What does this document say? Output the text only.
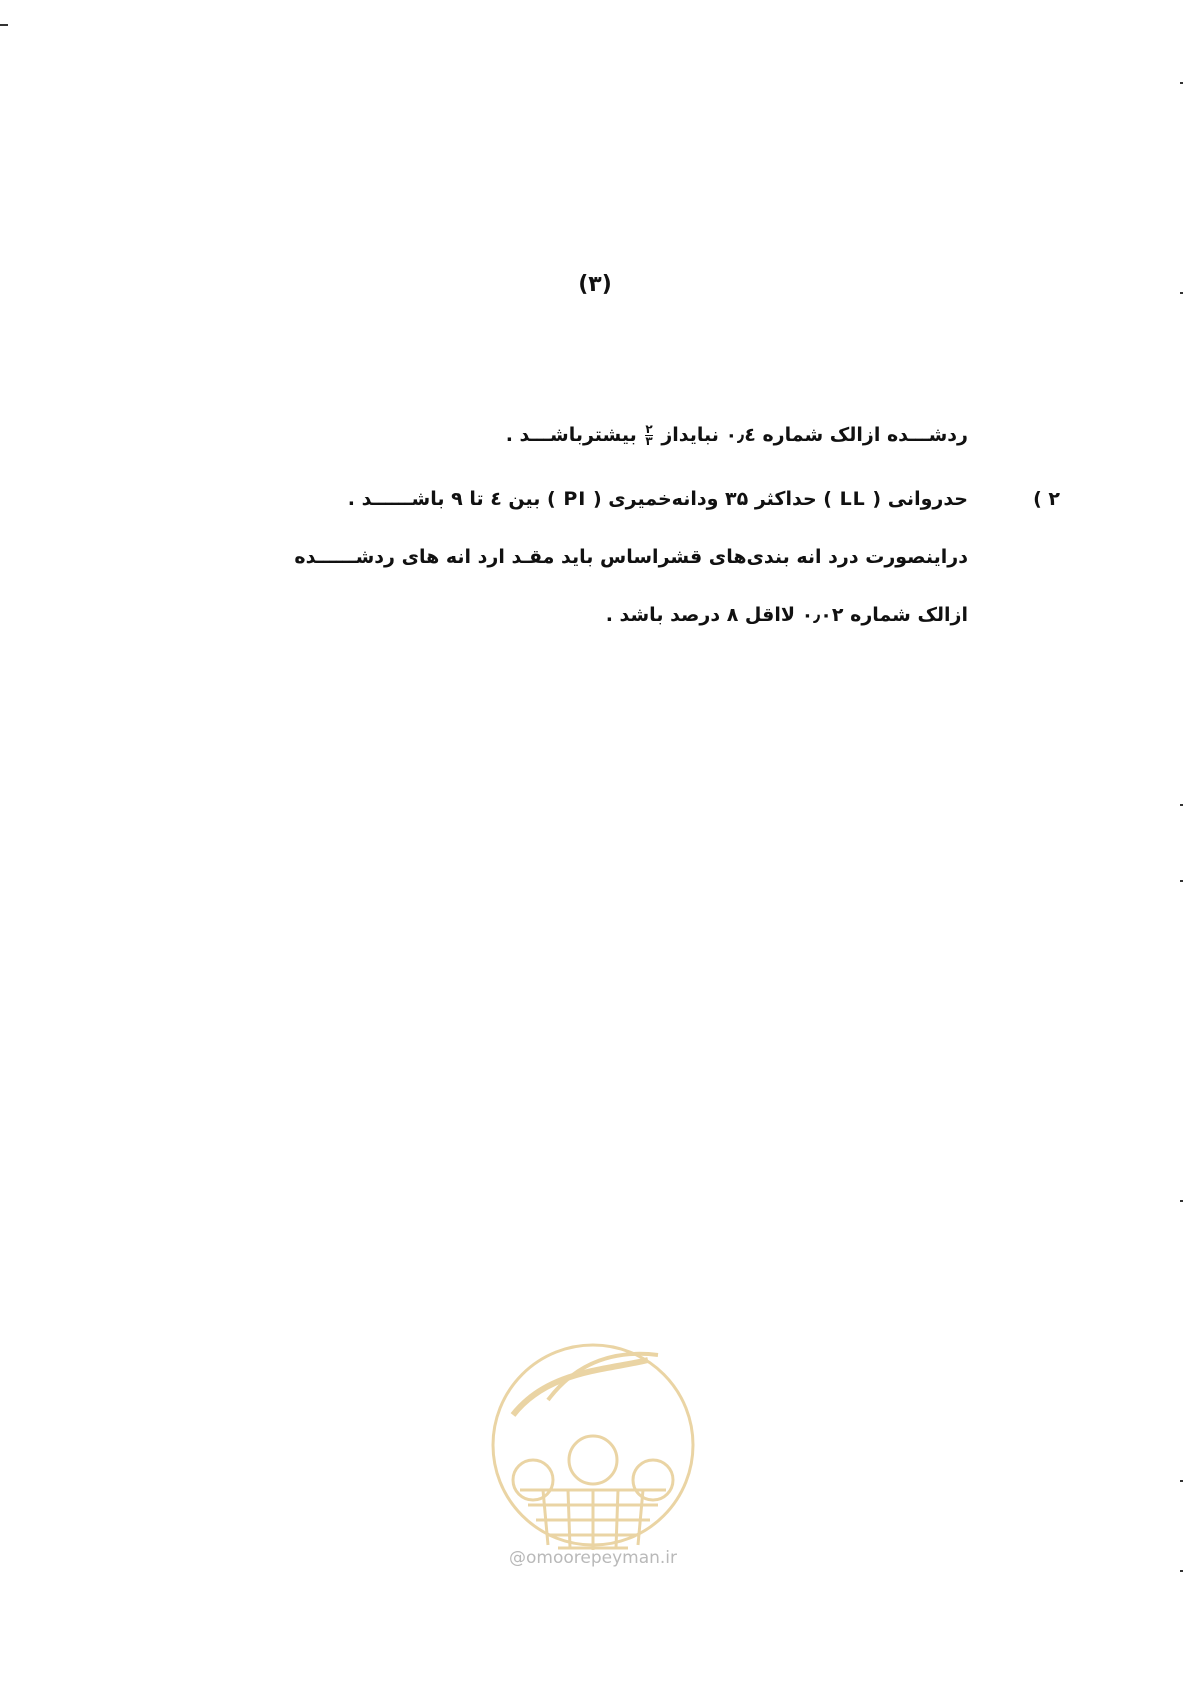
(۳)
ردشـــده ازالک شماره ۰٫٤ نبایداز
$\frac{۲}{۳}$
بیشترباشـــد .
۲ )
حدروانی ( LL ) حداکثر ۳۵ ودانه‌خمیری ( PI ) بین ٤ تا ۹ باشــــــد .
دراینصورت درد انه بندی‌های قشراساس باید مقـد ارد انه های ردشــــــده
ازالک شماره ۰٫۰۲ لااقل ۸ درصد باشد .
@omoorepeyman.ir
